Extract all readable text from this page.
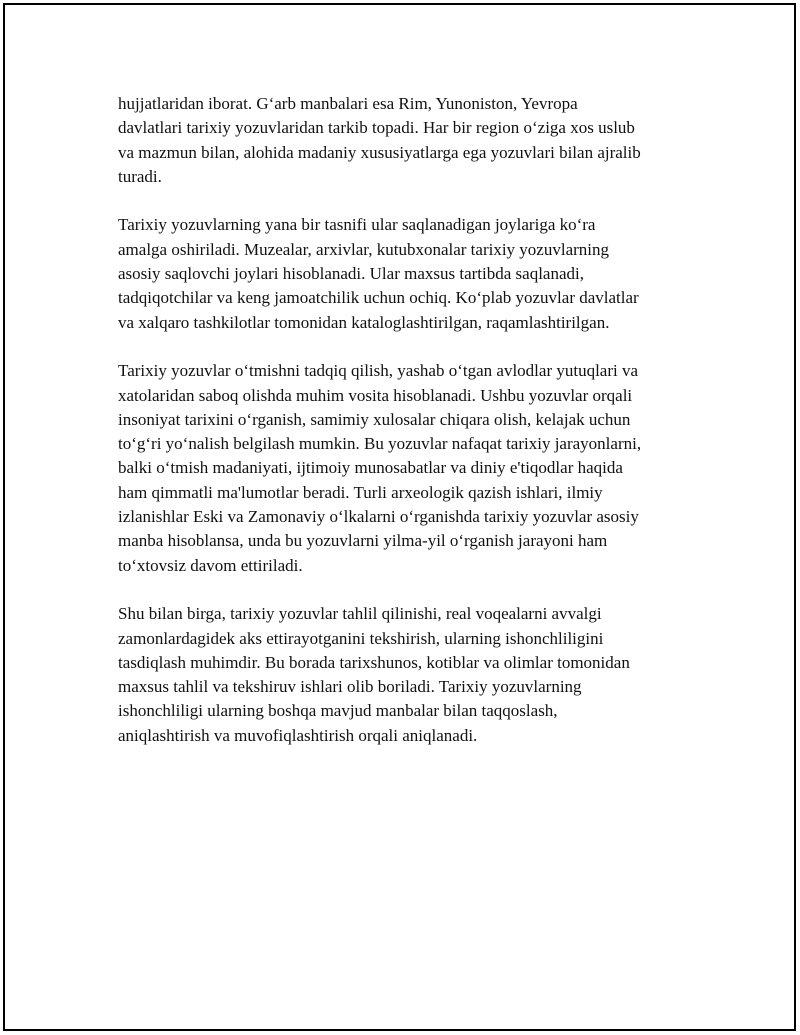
hujjatlaridan iborat. G‘arb manbalari esa Rim, Yunoniston, Yevropa
davlatlari tarixiy yozuvlaridan tarkib topadi. Har bir region o‘ziga xos uslub
va mazmun bilan, alohida madaniy xususiyatlarga ega yozuvlari bilan ajralib
turadi.

Tarixiy yozuvlarning yana bir tasnifi ular saqlanadigan joylariga ko‘ra
amalga oshiriladi. Muzealar, arxivlar, kutubxonalar tarixiy yozuvlarning
asosiy saqlovchi joylari hisoblanadi. Ular maxsus tartibda saqlanadi,
tadqiqotchilar va keng jamoatchilik uchun ochiq. Ko‘plab yozuvlar davlatlar
va xalqaro tashkilotlar tomonidan kataloglashtirilgan, raqamlashtirilgan.

Tarixiy yozuvlar o‘tmishni tadqiq qilish, yashab o‘tgan avlodlar yutuqlari va
xatolaridan saboq olishda muhim vosita hisoblanadi. Ushbu yozuvlar orqali
insoniyat tarixini o‘rganish, samimiy xulosalar chiqara olish, kelajak uchun
to‘g‘ri yo‘nalish belgilash mumkin. Bu yozuvlar nafaqat tarixiy jarayonlarni,
balki o‘tmish madaniyati, ijtimoiy munosabatlar va diniy e'tiqodlar haqida
ham qimmatli ma'lumotlar beradi. Turli arxeologik qazish ishlari, ilmiy
izlanishlar Eski va Zamonaviy o‘lkalarni o‘rganishda tarixiy yozuvlar asosiy
manba hisoblansa, unda bu yozuvlarni yilma-yil o‘rganish jarayoni ham
to‘xtovsiz davom ettiriladi.

Shu bilan birga, tarixiy yozuvlar tahlil qilinishi, real voqealarni avvalgi
zamonlardagidek aks ettirayotganini tekshirish, ularning ishonchliligini
tasdiqlash muhimdir. Bu borada tarixshunos, kotiblar va olimlar tomonidan
maxsus tahlil va tekshiruv ishlari olib boriladi. Tarixiy yozuvlarning
ishonchliligi ularning boshqa mavjud manbalar bilan taqqoslash,
aniqlashtirish va muvofiqlashtirish orqali aniqlanadi.
